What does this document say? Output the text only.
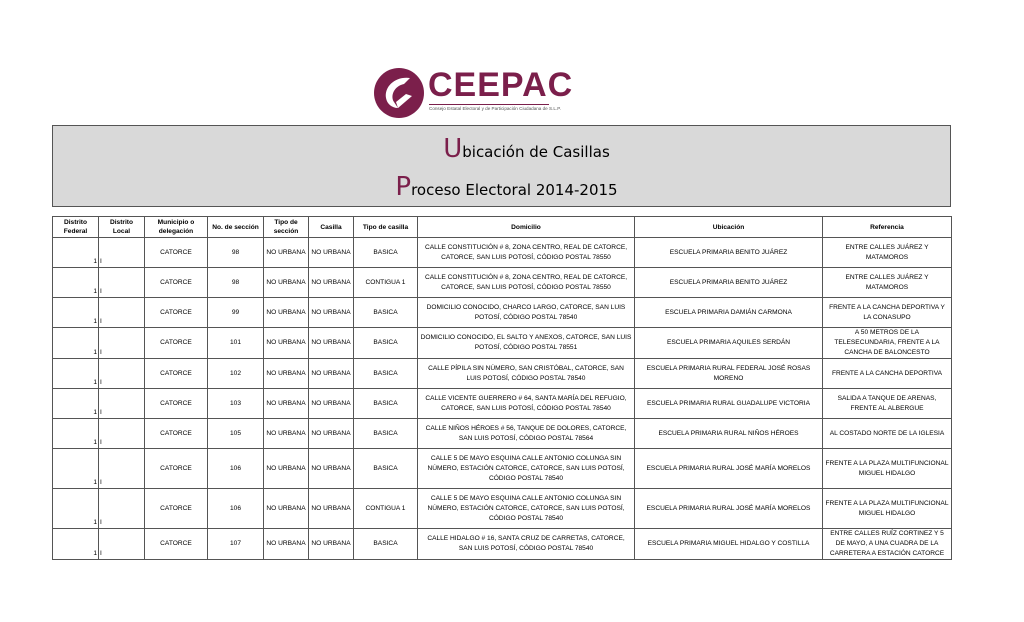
CEEPAC
Consejo Estatal Electoral y de Participación Ciudadana de S.L.P.
Ubicación de Casillas
Proceso Electoral 2014-2015
Distrito Federal	Distrito Local	Municipio o delegación	No. de sección	Tipo de sección	Casilla	Tipo de casilla	Domicilio	Ubicación	Referencia
1	I	CATORCE	98	NO URBANA	NO URBANA	BASICA	CALLE CONSTITUCIÓN # 8, ZONA CENTRO, REAL DE CATORCE, CATORCE, SAN LUIS POTOSÍ, CÓDIGO POSTAL 78550	ESCUELA PRIMARIA BENITO JUÁREZ	ENTRE CALLES JUÁREZ Y MATAMOROS
1	I	CATORCE	98	NO URBANA	NO URBANA	CONTIGUA 1	CALLE CONSTITUCIÓN # 8, ZONA CENTRO, REAL DE CATORCE, CATORCE, SAN LUIS POTOSÍ, CÓDIGO POSTAL 78550	ESCUELA PRIMARIA BENITO JUÁREZ	ENTRE CALLES JUÁREZ Y MATAMOROS
1	I	CATORCE	99	NO URBANA	NO URBANA	BASICA	DOMICILIO CONOCIDO, CHARCO LARGO, CATORCE, SAN LUIS POTOSÍ, CÓDIGO POSTAL 78540	ESCUELA PRIMARIA DAMIÁN CARMONA	FRENTE A LA CANCHA DEPORTIVA Y LA CONASUPO
1	I	CATORCE	101	NO URBANA	NO URBANA	BASICA	DOMICILIO CONOCIDO, EL SALTO Y ANEXOS, CATORCE, SAN LUIS POTOSÍ, CÓDIGO POSTAL 78551	ESCUELA PRIMARIA AQUILES SERDÁN	A 50 METROS DE LA TELESECUNDARIA, FRENTE A LA CANCHA DE BALONCESTO
1	I	CATORCE	102	NO URBANA	NO URBANA	BASICA	CALLE PÍPILA SIN NÚMERO, SAN CRISTÓBAL, CATORCE, SAN LUIS POTOSÍ, CÓDIGO POSTAL 78540	ESCUELA PRIMARIA RURAL FEDERAL JOSÉ ROSAS MORENO	FRENTE A LA CANCHA DEPORTIVA
1	I	CATORCE	103	NO URBANA	NO URBANA	BASICA	CALLE VICENTE GUERRERO # 64, SANTA MARÍA DEL REFUGIO, CATORCE, SAN LUIS POTOSÍ, CÓDIGO POSTAL 78540	ESCUELA PRIMARIA RURAL GUADALUPE VICTORIA	SALIDA A TANQUE DE ARENAS, FRENTE AL ALBERGUE
1	I	CATORCE	105	NO URBANA	NO URBANA	BASICA	CALLE NIÑOS HÉROES # 56, TANQUE DE DOLORES, CATORCE, SAN LUIS POTOSÍ, CÓDIGO POSTAL 78564	ESCUELA PRIMARIA RURAL NIÑOS HÉROES	AL COSTADO NORTE DE LA IGLESIA
1	I	CATORCE	106	NO URBANA	NO URBANA	BASICA	CALLE 5 DE MAYO ESQUINA CALLE ANTONIO COLUNGA SIN NÚMERO, ESTACIÓN CATORCE, CATORCE, SAN LUIS POTOSÍ, CÓDIGO POSTAL 78540	ESCUELA PRIMARIA RURAL JOSÉ MARÍA MORELOS	FRENTE A LA PLAZA MULTIFUNCIONAL MIGUEL HIDALGO
1	I	CATORCE	106	NO URBANA	NO URBANA	CONTIGUA 1	CALLE 5 DE MAYO ESQUINA CALLE ANTONIO COLUNGA SIN NÚMERO, ESTACIÓN CATORCE, CATORCE, SAN LUIS POTOSÍ, CÓDIGO POSTAL 78540	ESCUELA PRIMARIA RURAL JOSÉ MARÍA MORELOS	FRENTE A LA PLAZA MULTIFUNCIONAL MIGUEL HIDALGO
1	I	CATORCE	107	NO URBANA	NO URBANA	BASICA	CALLE HIDALGO # 16, SANTA CRUZ DE CARRETAS, CATORCE, SAN LUIS POTOSÍ, CÓDIGO POSTAL 78540	ESCUELA PRIMARIA MIGUEL HIDALGO Y COSTILLA	ENTRE CALLES RUÍZ CORTINEZ Y 5 DE MAYO, A UNA CUADRA DE LA CARRETERA A ESTACIÓN CATORCE
